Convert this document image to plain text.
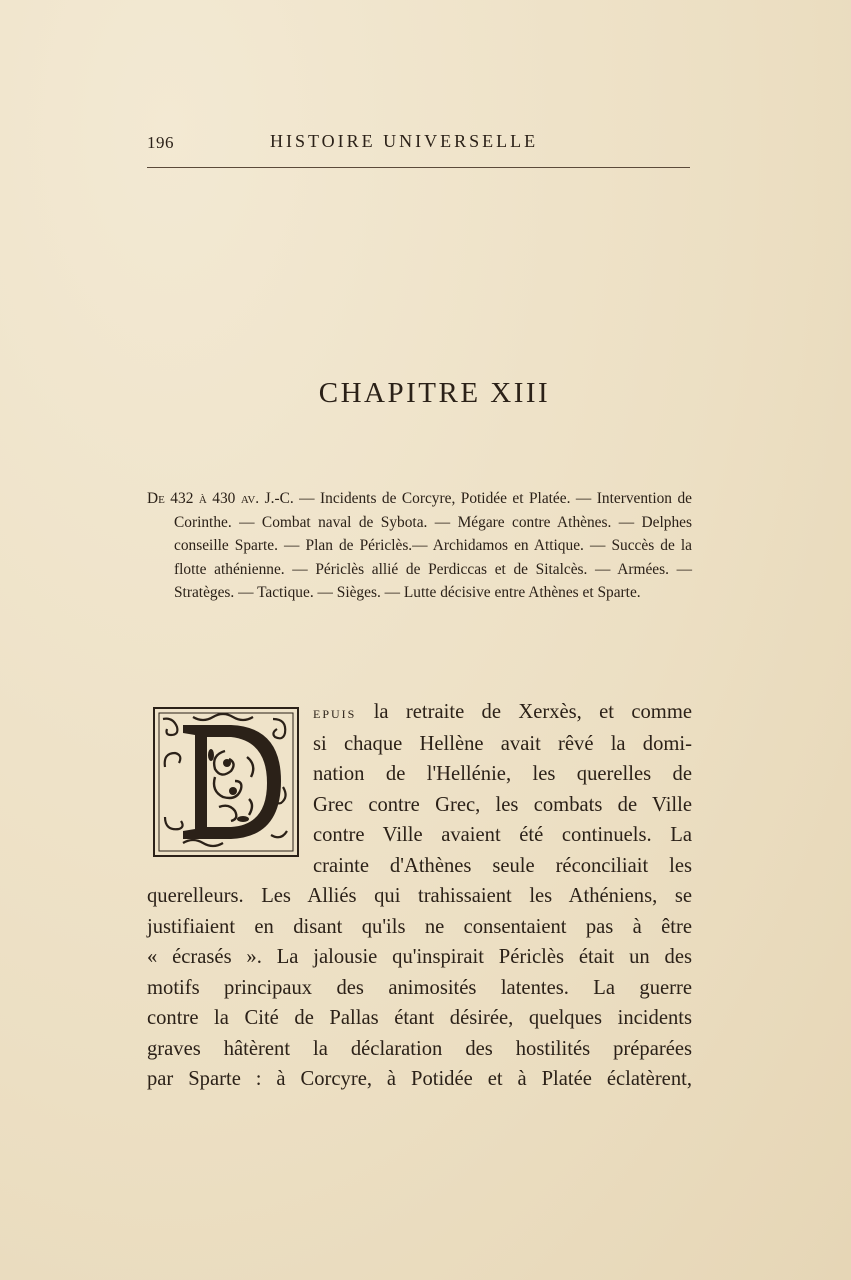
196	HISTOIRE UNIVERSELLE
CHAPITRE XIII

De 432 à 430 av. J.-C. — Incidents de Corcyre, Potidée et Platée. — Intervention de Corinthe. — Combat naval de Sybota. — Mégare contre Athènes. — Delphes conseille Sparte. — Plan de Périclès.— Archidamos en Attique. — Succès de la flotte athénienne. — Périclès allié de Perdiccas et de Sitalcès. — Armées. — Stratèges. — Tactique. — Sièges. — Lutte décisive entre Athènes et Sparte.

epuis la retraite de Xerxès, et comme
si chaque Hellène avait rêvé la domi-
nation de l'Hellénie, les querelles de
Grec contre Grec, les combats de Ville
contre Ville avaient été continuels. La
crainte d'Athènes seule réconciliait les
querelleurs. Les Alliés qui trahissaient les Athéniens, se
justifiaient en disant qu'ils ne consentaient pas à être
« écrasés ». La jalousie qu'inspirait Périclès était un des
motifs principaux des animosités latentes. La guerre
contre la Cité de Pallas étant désirée, quelques incidents
graves hâtèrent la déclaration des hostilités préparées
par Sparte : à Corcyre, à Potidée et à Platée éclatèrent,
